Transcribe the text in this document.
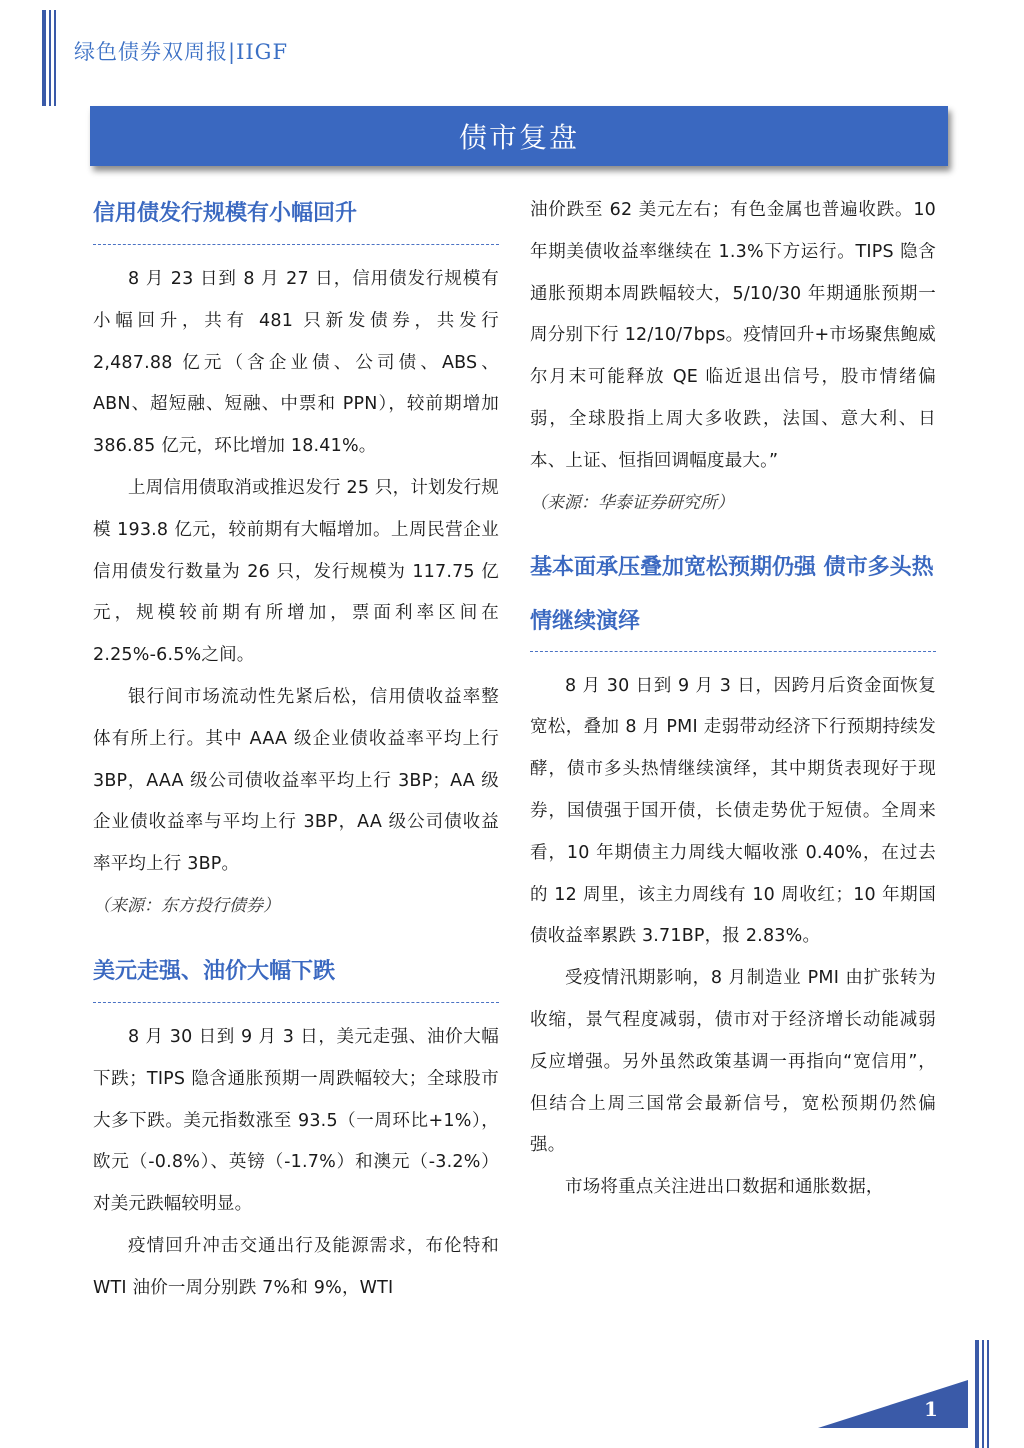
绿色债券双周报|IIGF
债市复盘
信用债发行规模有小幅回升

8 月 23 日到 8 月 27 日，信用债发行规模有小幅回升，共有 481 只新发债券，共发行 2,487.88 亿元（含企业债、公司债、ABS、ABN、超短融、短融、中票和 PPN），较前期增加 386.85 亿元，环比增加 18.41%。

上周信用债取消或推迟发行 25 只，计划发行规模 193.8 亿元，较前期有大幅增加。上周民营企业信用债发行数量为 26 只，发行规模为 117.75 亿元，规模较前期有所增加，票面利率区间在 2.25%-6.5%之间。

银行间市场流动性先紧后松，信用债收益率整体有所上行。其中 AAA 级企业债收益率平均上行 3BP，AAA 级公司债收益率平均上行 3BP；AA 级企业债收益率与平均上行 3BP，AA 级公司债收益率平均上行 3BP。

（来源：东方投行债券）

美元走强、油价大幅下跌

8 月 30 日到 9 月 3 日，美元走强、油价大幅下跌；TIPS 隐含通胀预期一周跌幅较大；全球股市大多下跌。美元指数涨至 93.5（一周环比+1%），欧元（-0.8%）、英镑（-1.7%）和澳元（-3.2%）对美元跌幅较明显。

疫情回升冲击交通出行及能源需求，布伦特和 WTI 油价一周分别跌 7%和 9%，WTI

油价跌至 62 美元左右；有色金属也普遍收跌。10 年期美债收益率继续在 1.3%下方运行。TIPS 隐含通胀预期本周跌幅较大，5/10/30 年期通胀预期一周分别下行 12/10/7bps。疫情回升+市场聚焦鲍威尔月末可能释放 QE 临近退出信号，股市情绪偏弱，全球股指上周大多收跌，法国、意大利、日本、上证、恒指回调幅度最大。”

（来源：华泰证券研究所）

基本面承压叠加宽松预期仍强 债市多头热情继续演绎

8 月 30 日到 9 月 3 日，因跨月后资金面恢复宽松，叠加 8 月 PMI 走弱带动经济下行预期持续发酵，债市多头热情继续演绎，其中期货表现好于现券，国债强于国开债，长债走势优于短债。全周来看，10 年期债主力周线大幅收涨 0.40%，在过去的 12 周里，该主力周线有 10 周收红；10 年期国债收益率累跌 3.71BP，报 2.83%。

受疫情汛期影响，8 月制造业 PMI 由扩张转为收缩，景气程度减弱，债市对于经济增长动能减弱反应增强。另外虽然政策基调一再指向“宽信用”，但结合上周三国常会最新信号，宽松预期仍然偏强。

市场将重点关注进出口数据和通胀数据，

1
